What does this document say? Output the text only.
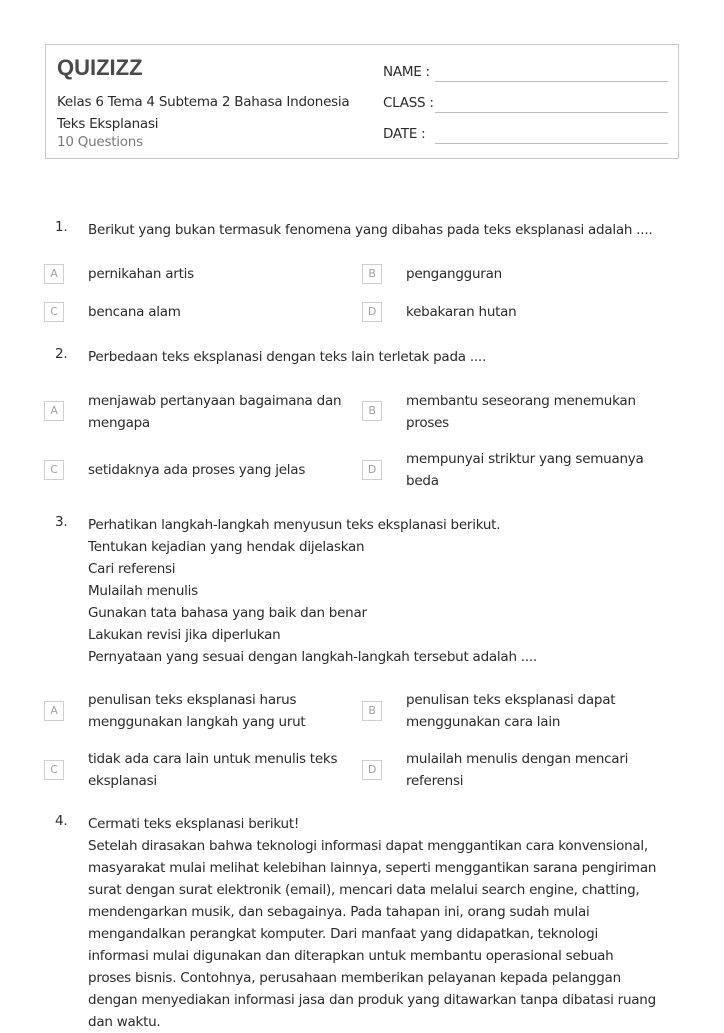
QUIZIZZ
Kelas 6 Tema 4 Subtema 2 Bahasa Indonesia
Teks Eksplanasi
10 Questions
NAME :
CLASS :
DATE :
1. Berikut yang bukan termasuk fenomena yang dibahas pada teks eksplanasi adalah ....
A	pernikahan artis	B	pengangguran
C	bencana alam	D	kebakaran hutan
2. Perbedaan teks eksplanasi dengan teks lain terletak pada ....
A
menjawab pertanyaan bagaimana dan
mengapa
B
membantu seseorang menemukan
proses
C	setidaknya ada proses yang jelas	D
mempunyai striktur yang semuanya
beda
3. Perhatikan langkah-langkah menyusun teks eksplanasi berikut.
Tentukan kejadian yang hendak dijelaskan
Cari referensi
Mulailah menulis
Gunakan tata bahasa yang baik dan benar
Lakukan revisi jika diperlukan
Pernyataan yang sesuai dengan langkah-langkah tersebut adalah ....
A
penulisan teks eksplanasi harus
menggunakan langkah yang urut
B
penulisan teks eksplanasi dapat
menggunakan cara lain
C
tidak ada cara lain untuk menulis teks
eksplanasi
D
mulailah menulis dengan mencari
referensi
4. Cermati teks eksplanasi berikut!
Setelah dirasakan bahwa teknologi informasi dapat menggantikan cara konvensional,
masyarakat mulai melihat kelebihan lainnya, seperti menggantikan sarana pengiriman
surat dengan surat elektronik (email), mencari data melalui search engine, chatting,
mendengarkan musik, dan sebagainya. Pada tahapan ini, orang sudah mulai
mengandalkan perangkat komputer. Dari manfaat yang didapatkan, teknologi
informasi mulai digunakan dan diterapkan untuk membantu operasional sebuah
proses bisnis. Contohnya, perusahaan memberikan pelayanan kepada pelanggan
dengan menyediakan informasi jasa dan produk yang ditawarkan tanpa dibatasi ruang
dan waktu.
